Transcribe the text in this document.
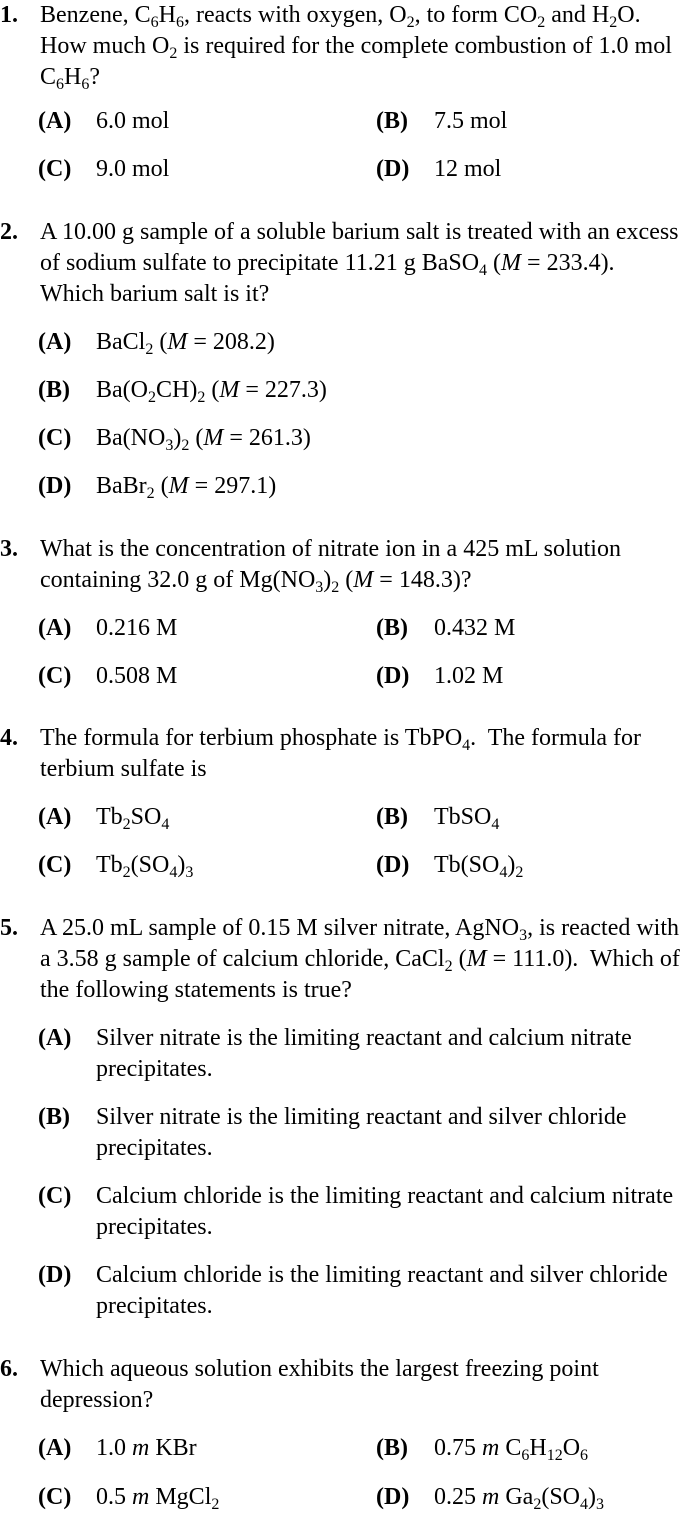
1. Benzene, $C_6H_6$, reacts with oxygen, $O_2$, to form $CO_2$ and $H_2O$.  How much $O_2$ is required for the complete combustion of 1.0 mol $C_6H_6$?
(A) 6.0 mol	(B) 7.5 mol
(C) 9.0 mol	(D) 12 mol
2. A 10.00 g sample of a soluble barium salt is treated with an excess of sodium sulfate to precipitate 11.21 g BaSO$_4$ (M = 233.4).  Which barium salt is it?
(A) BaCl$_2$ (M = 208.2)
(B) $Ba(O_2CH)_2$ (M = 227.3)
(C) $Ba(NO_3)_2$ (M = 261.3)
(D) BaBr$_2$ (M = 297.1)
3. What is the concentration of nitrate ion in a 425 mL solution containing 32.0 g of $Mg(NO_3)_2$ (M = 148.3)?
(A) 0.216 M	(B) 0.432 M
(C) 0.508 M	(D) 1.02 M
4. The formula for terbium phosphate is TbPO$_4$.  The formula for terbium sulfate is
(A) $Tb_2SO_4$	(B) TbSO$_4$
(C) $Tb_2(SO_4)_3$	(D) $Tb(SO_4)_2$
5. A 25.0 mL sample of 0.15 M silver nitrate, AgNO$_3$, is reacted with a 3.58 g sample of calcium chloride, CaCl$_2$ (M = 111.0).  Which of the following statements is true?
(A) Silver nitrate is the limiting reactant and calcium nitrate precipitates.
(B) Silver nitrate is the limiting reactant and silver chloride precipitates.
(C) Calcium chloride is the limiting reactant and calcium nitrate precipitates.
(D) Calcium chloride is the limiting reactant and silver chloride precipitates.
6. Which aqueous solution exhibits the largest freezing point depression?
(A) 1.0 m KBr	(B) 0.75 m $C_6H_{12}O_6$
(C) 0.5 m MgCl$_2$	(D) 0.25 m $Ga_2(SO_4)_3$
